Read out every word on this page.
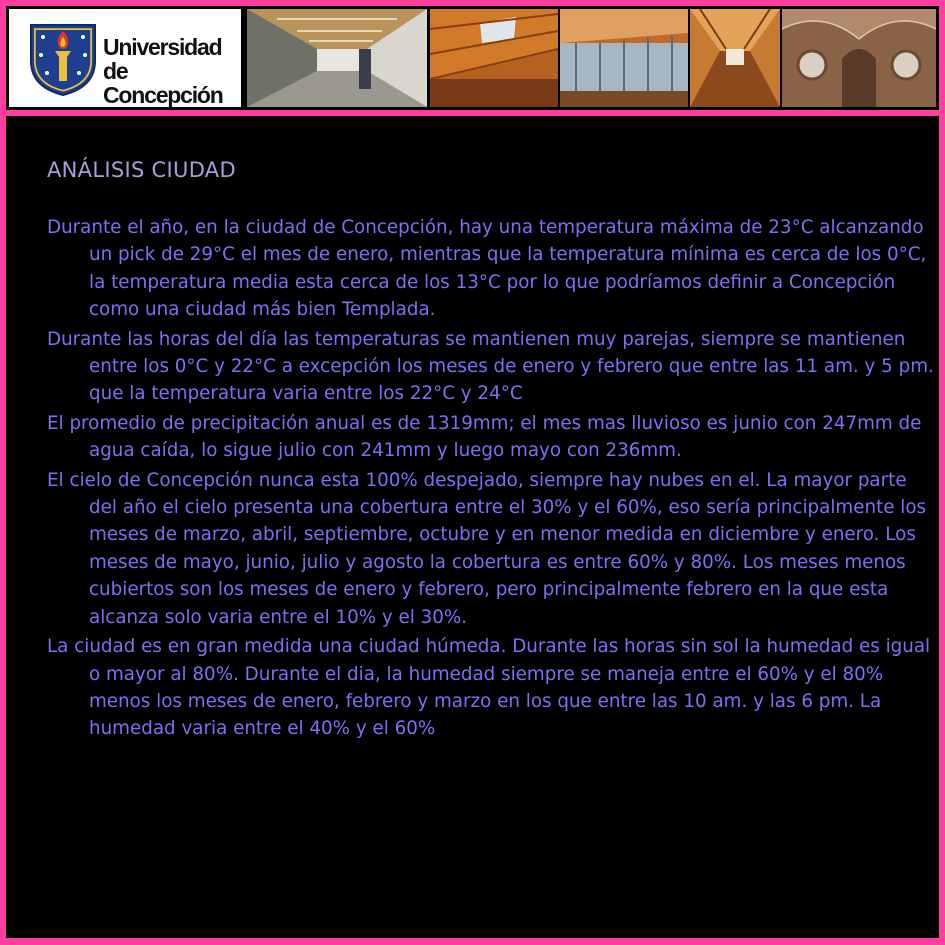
Universidad
de Concepción
ANÁLISIS CIUDAD

Durante el año, en la ciudad de Concepción, hay una temperatura máxima de 23°C alcanzando un pick de 29°C el mes de enero, mientras que la temperatura mínima es cerca de los 0°C, la temperatura media esta cerca de los 13°C por lo que podríamos definir a Concepción como una ciudad más bien Templada.

Durante las horas del día las temperaturas se mantienen muy parejas, siempre se mantienen entre los 0°C y 22°C a excepción los meses de enero y febrero que entre las 11 am. y 5 pm. que la temperatura varia entre los 22°C y 24°C

El promedio de precipitación anual es de 1319mm; el mes mas lluvioso es junio con 247mm de agua caída, lo sigue julio con 241mm y luego mayo con 236mm.

El cielo de Concepción nunca esta 100% despejado, siempre hay nubes en el. La mayor parte del año el cielo presenta una cobertura entre el 30% y el 60%, eso sería principalmente los meses de marzo, abril, septiembre, octubre y en menor medida en diciembre y enero. Los meses de mayo, junio, julio y agosto la cobertura es entre 60% y 80%. Los meses menos cubiertos son los meses de enero y febrero, pero principalmente febrero en la que esta alcanza solo varia entre el 10% y el 30%.

La ciudad es en gran medida una ciudad húmeda. Durante las horas sin sol la humedad es igual o mayor al 80%. Durante el dia, la humedad siempre se maneja entre el 60% y el 80% menos los meses de enero, febrero y marzo en los que entre las 10 am. y las 6 pm. La humedad varia entre el 40% y el 60%
